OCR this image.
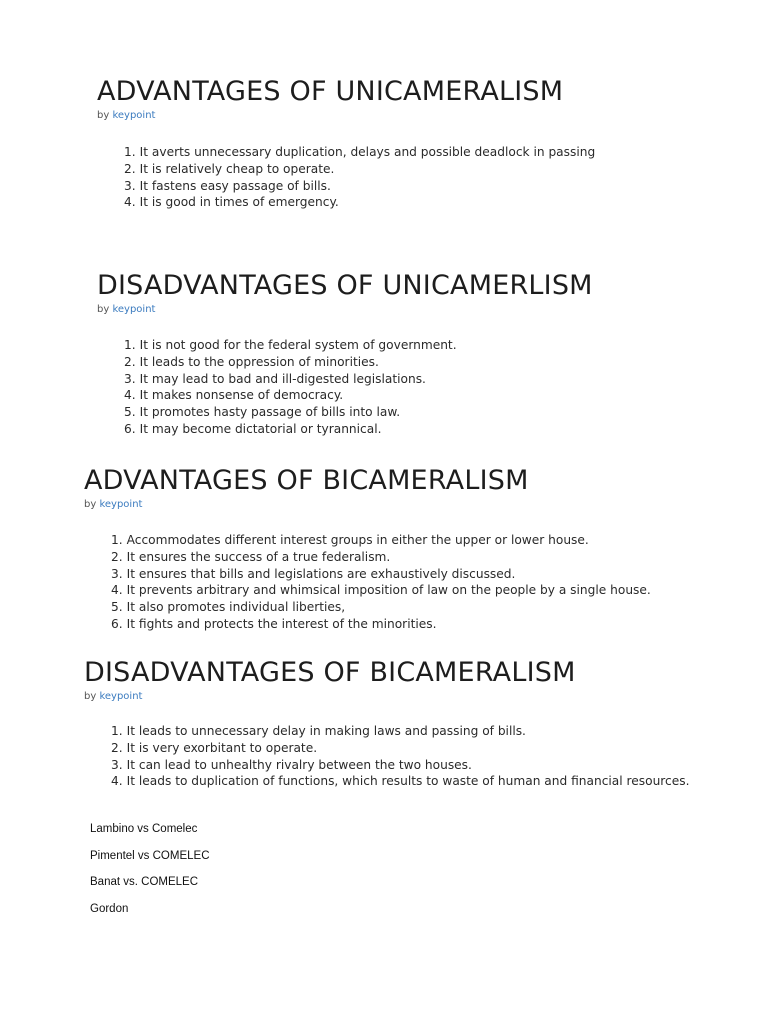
ADVANTAGES OF UNICAMERALISM
by keypoint
1. It averts unnecessary duplication, delays and possible deadlock in passing
2. It is relatively cheap to operate.
3. It fastens easy passage of bills.
4. It is good in times of emergency.
DISADVANTAGES OF UNICAMERLISM
by keypoint
1. It is not good for the federal system of government.
2. It leads to the oppression of minorities.
3. It may lead to bad and ill-digested legislations.
4. It makes nonsense of democracy.
5. It promotes hasty passage of bills into law.
6. It may become dictatorial or tyrannical.
ADVANTAGES OF BICAMERALISM
by keypoint
1. Accommodates different interest groups in either the upper or lower house.
2. It ensures the success of a true federalism.
3. It ensures that bills and legislations are exhaustively discussed.
4. It prevents arbitrary and whimsical imposition of law on the people by a single house.
5. It also promotes individual liberties,
6. It fights and protects the interest of the minorities.
DISADVANTAGES OF BICAMERALISM
by keypoint
1. It leads to unnecessary delay in making laws and passing of bills.
2. It is very exorbitant to operate.
3. It can lead to unhealthy rivalry between the two houses.
4. It leads to duplication of functions, which results to waste of human and financial resources.
Lambino vs Comelec
Pimentel vs COMELEC
Banat vs. COMELEC
Gordon
